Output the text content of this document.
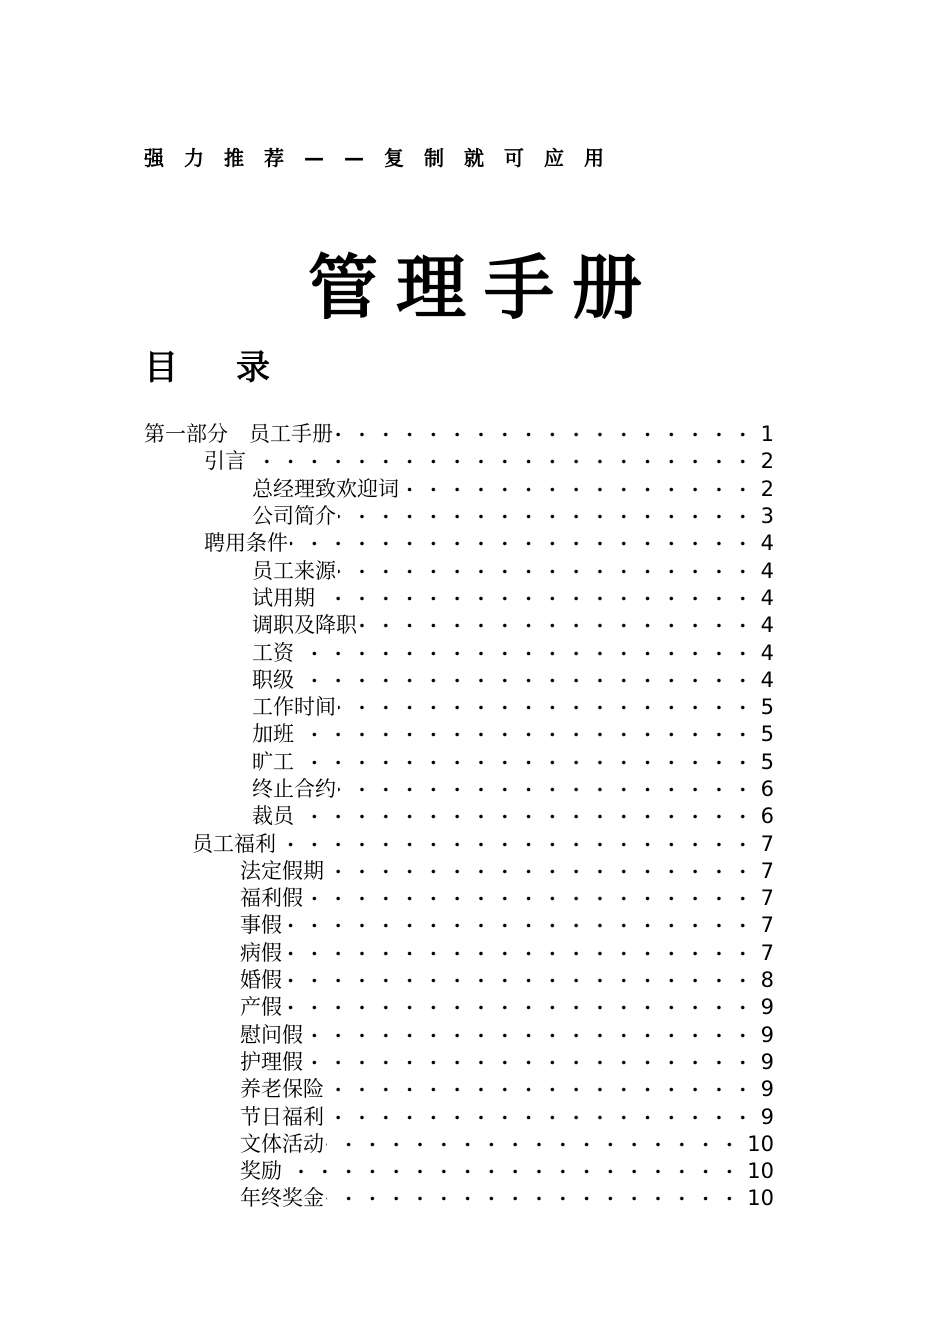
强力推荐——复制就可应用
管理手册
目录
第一部分　员工手册	1
引言	2
总经理致欢迎词	2
公司简介	3
聘用条件	4
员工来源	4
试用期	4
调职及降职	4
工资	4
职级	4
工作时间	5
加班	5
旷工	5
终止合约	6
裁员	6
员工福利	7
法定假期	7
福利假	7
事假	7
病假	7
婚假	8
产假	9
慰问假	9
护理假	9
养老保险	9
节日福利	9
文体活动	10
奖励	10
年终奖金	10
